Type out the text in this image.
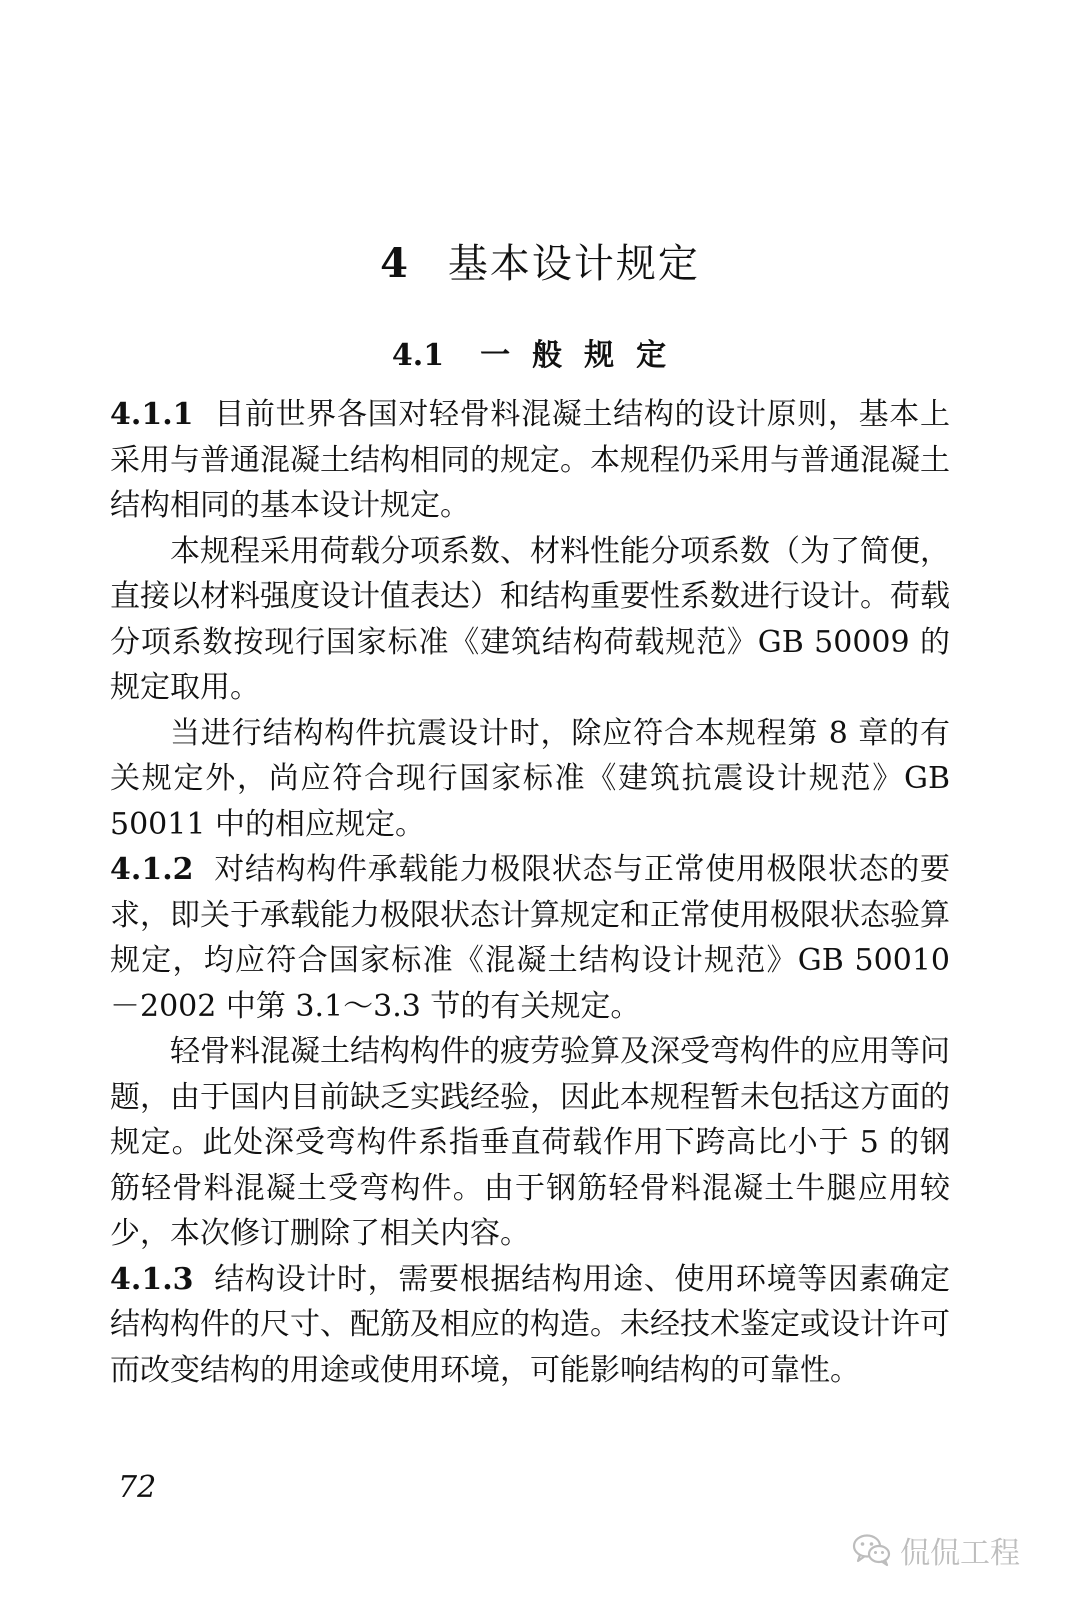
4 基本设计规定
4.1 一般规定

4.1.1 目前世界各国对轻骨料混凝土结构的设计原则，基本上采用与普通混凝土结构相同的规定。本规程仍采用与普通混凝土结构相同的基本设计规定。

本规程采用荷载分项系数、材料性能分项系数（为了简便，直接以材料强度设计值表达）和结构重要性系数进行设计。荷载分项系数按现行国家标准《建筑结构荷载规范》GB 50009 的规定取用。

当进行结构构件抗震设计时，除应符合本规程第 8 章的有关规定外，尚应符合现行国家标准《建筑抗震设计规范》GB 50011 中的相应规定。

4.1.2 对结构构件承载能力极限状态与正常使用极限状态的要求，即关于承载能力极限状态计算规定和正常使用极限状态验算规定，均应符合国家标准《混凝土结构设计规范》GB 50010－2002 中第 3.1～3.3 节的有关规定。

轻骨料混凝土结构构件的疲劳验算及深受弯构件的应用等问题，由于国内目前缺乏实践经验，因此本规程暂未包括这方面的规定。此处深受弯构件系指垂直荷载作用下跨高比小于 5 的钢筋轻骨料混凝土受弯构件。由于钢筋轻骨料混凝土牛腿应用较少，本次修订删除了相关内容。

4.1.3 结构设计时，需要根据结构用途、使用环境等因素确定结构构件的尺寸、配筋及相应的构造。未经技术鉴定或设计许可而改变结构的用途或使用环境，可能影响结构的可靠性。

72
侃侃工程
